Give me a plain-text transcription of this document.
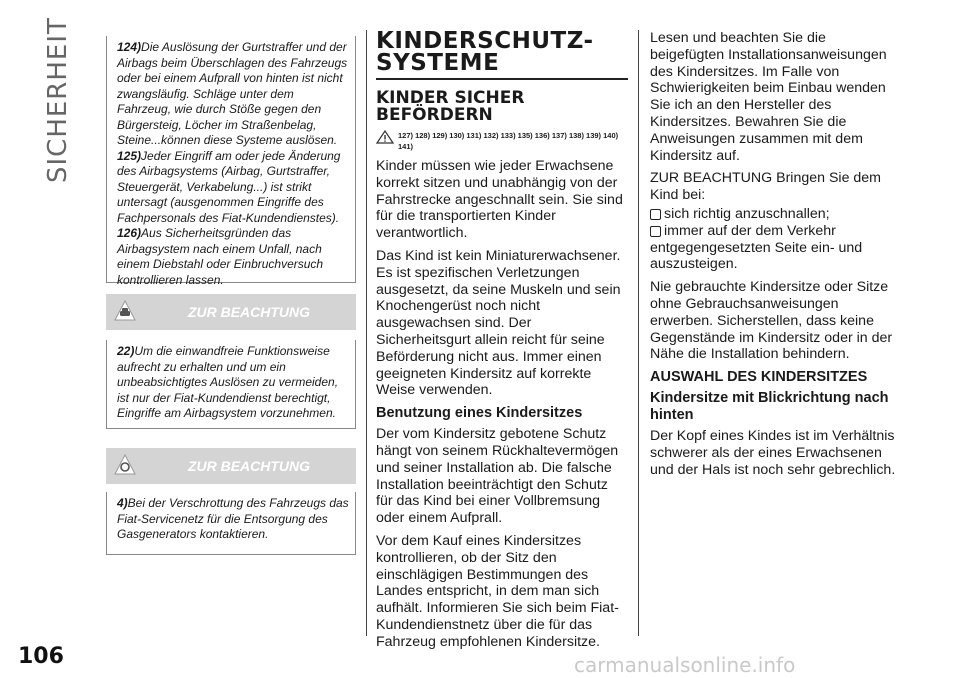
SICHERHEIT	124)Die Auslösung der Gurtstraffer und der Airbags beim Überschlagen des Fahrzeugs oder bei einem Aufprall von hinten ist nicht zwangsläufig. Schläge unter dem Fahrzeug, wie durch Stöße gegen den Bürgersteig, Löcher im Straßenbelag, Steine...können diese Systeme auslösen.

125)Jeder Eingriff am oder jede Änderung des Airbagsystems (Airbag, Gurtstraffer, Steuergerät, Verkabelung...) ist strikt untersagt (ausgenommen Eingriffe des Fachpersonals des Fiat-Kundendienstes).

126)Aus Sicherheitsgründen das Airbagsystem nach einem Unfall, nach einem Diebstahl oder Einbruchversuch kontrollieren lassen.

ZUR BEACHTUNG

22)Um die einwandfreie Funktionsweise aufrecht zu erhalten und um ein unbeabsichtigtes Auslösen zu vermeiden, ist nur der Fiat-Kundendienst berechtigt, Eingriffe am Airbagsystem vorzunehmen.

ZUR BEACHTUNG

4)Bei der Verschrottung des Fahrzeugs das Fiat-Servicenetz für die Entsorgung des Gasgenerators kontaktieren.

KINDERSCHUTZ-
SYSTEME
KINDER SICHER
BEFÖRDERN
127) 128) 129) 130) 131) 132) 133) 135) 136) 137) 138) 139) 140) 141)

Kinder müssen wie jeder Erwachsene korrekt sitzen und unabhängig von der Fahrstrecke angeschnallt sein. Sie sind für die transportierten Kinder verantwortlich.

Das Kind ist kein Miniaturerwachsener. Es ist spezifischen Verletzungen ausgesetzt, da seine Muskeln und sein Knochengerüst noch nicht ausgewachsen sind. Der Sicherheitsgurt allein reicht für seine Beförderung nicht aus. Immer einen geeigneten Kindersitz auf korrekte Weise verwenden.

Benutzung eines Kindersitzes

Der vom Kindersitz gebotene Schutz hängt von seinem Rückhaltevermögen und seiner Installation ab. Die falsche Installation beeinträchtigt den Schutz für das Kind bei einer Vollbremsung oder einem Aufprall.

Vor dem Kauf eines Kindersitzes kontrollieren, ob der Sitz den einschlägigen Bestimmungen des Landes entspricht, in dem man sich aufhält. Informieren Sie sich beim Fiat-Kundendienstnetz über die für das Fahrzeug empfohlenen Kindersitze.

Lesen und beachten Sie die beigefügten Installationsanweisungen des Kindersitzes. Im Falle von Schwierigkeiten beim Einbau wenden Sie ich an den Hersteller des Kindersitzes. Bewahren Sie die Anweisungen zusammen mit dem Kindersitz auf.

ZUR BEACHTUNG Bringen Sie dem Kind bei:

sich richtig anzuschnallen;
immer auf der dem Verkehr

entgegengesetzten Seite ein- und auszusteigen.

Nie gebrauchte Kindersitze oder Sitze ohne Gebrauchsanweisungen erwerben. Sicherstellen, dass keine Gegenstände im Kindersitz oder in der Nähe die Installation behindern.

AUSWAHL DES KINDERSITZES
Kindersitze mit Blickrichtung nach hinten

Der Kopf eines Kindes ist im Verhältnis schwerer als der eines Erwachsenen und der Hals ist noch sehr gebrechlich.

106	carmanualsonline.info
